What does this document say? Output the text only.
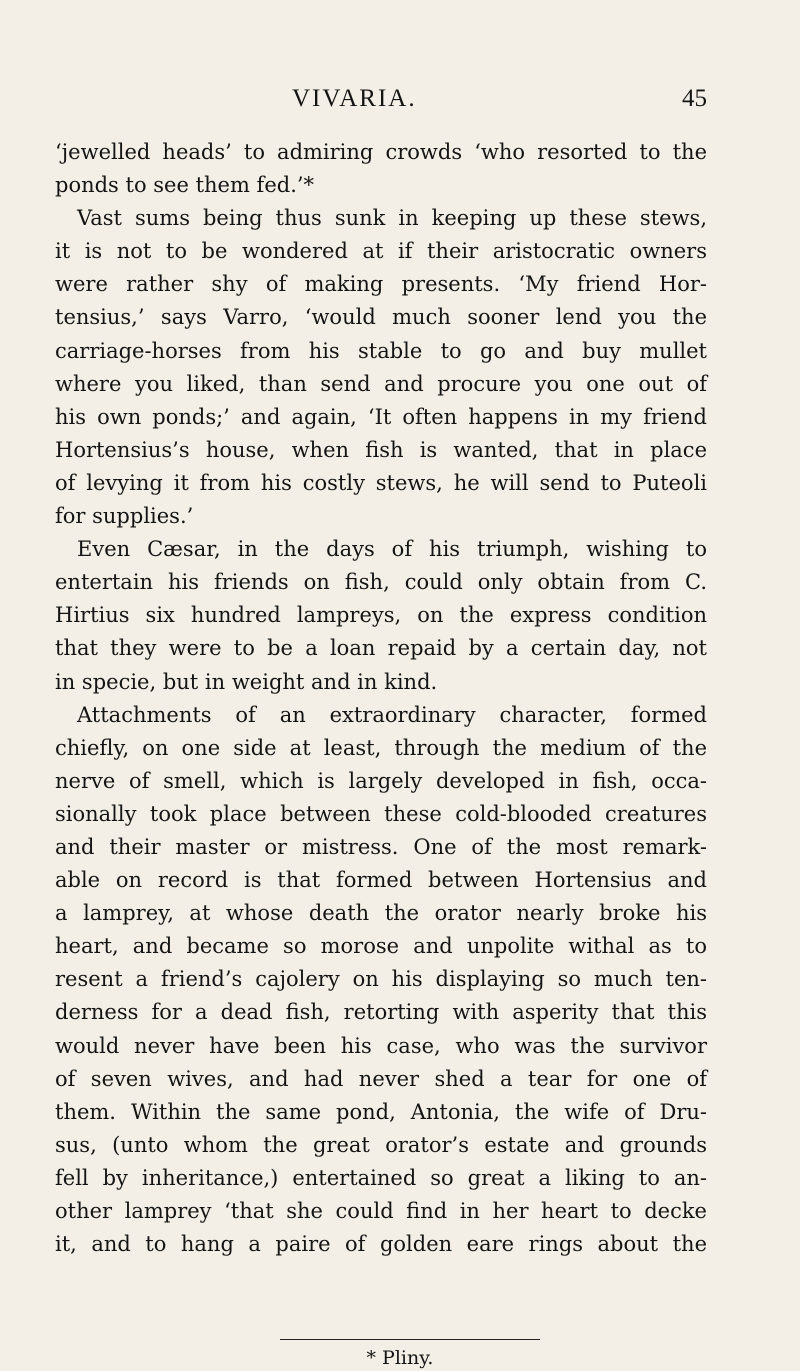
VIVARIA.	45
‘jewelled heads’ to admiring crowds ‘who resorted to the
ponds to see them fed.’*
Vast sums being thus sunk in keeping up these stews,
it is not to be wondered at if their aristocratic owners
were rather shy of making presents. ‘My friend Hor-
tensius,’ says Varro, ‘would much sooner lend you the
carriage-horses from his stable to go and buy mullet
where you liked, than send and procure you one out of
his own ponds;’ and again, ‘It often happens in my friend
Hortensius’s house, when fish is wanted, that in place
of levying it from his costly stews, he will send to Puteoli
for supplies.’
Even Cæsar, in the days of his triumph, wishing to
entertain his friends on fish, could only obtain from C.
Hirtius six hundred lampreys, on the express condition
that they were to be a loan repaid by a certain day, not
in specie, but in weight and in kind.
Attachments of an extraordinary character, formed
chiefly, on one side at least, through the medium of the
nerve of smell, which is largely developed in fish, occa-
sionally took place between these cold-blooded creatures
and their master or mistress. One of the most remark-
able on record is that formed between Hortensius and
a lamprey, at whose death the orator nearly broke his
heart, and became so morose and unpolite withal as to
resent a friend’s cajolery on his displaying so much ten-
derness for a dead fish, retorting with asperity that this
would never have been his case, who was the survivor
of seven wives, and had never shed a tear for one of
them. Within the same pond, Antonia, the wife of Dru-
sus, (unto whom the great orator’s estate and grounds
fell by inheritance,) entertained so great a liking to an-
other lamprey ‘that she could find in her heart to decke
it, and to hang a paire of golden eare rings about the
* Pliny.
